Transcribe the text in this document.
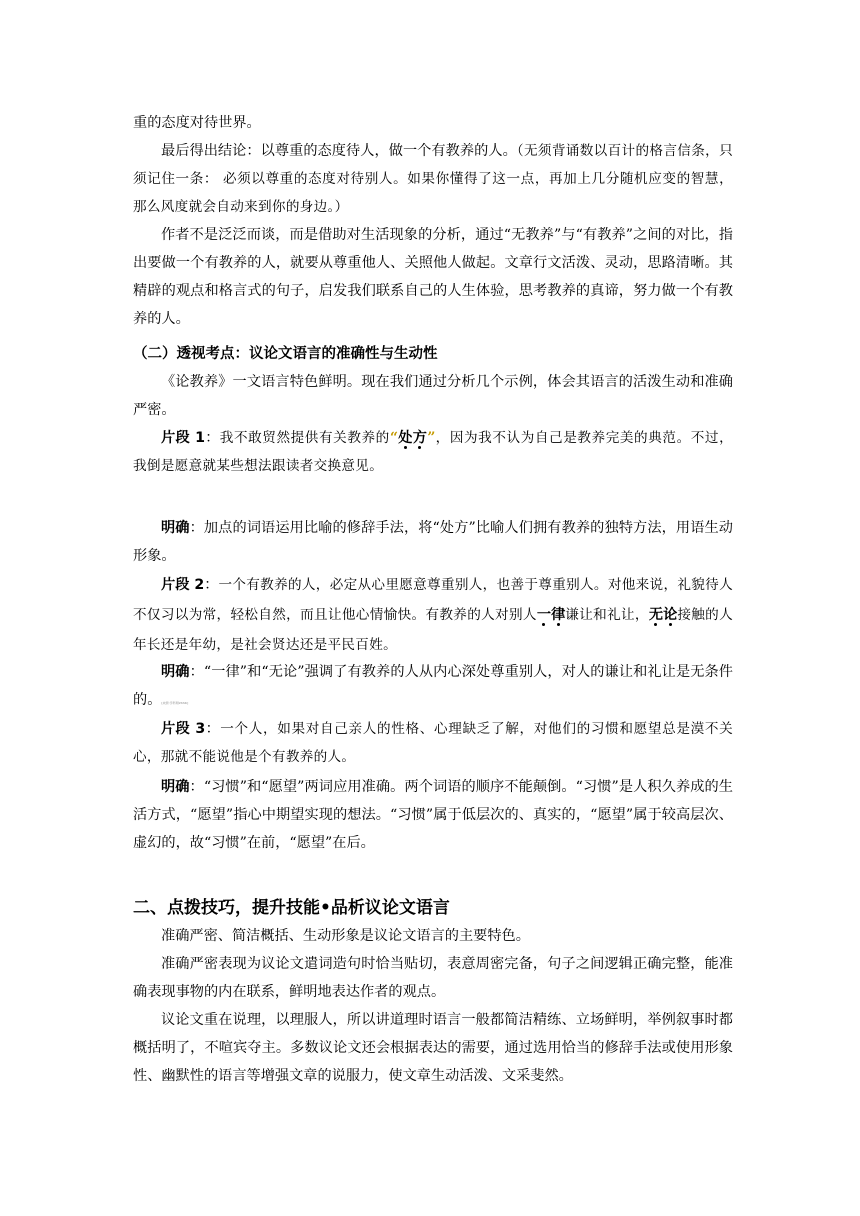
重的态度对待世界。

最后得出结论：以尊重的态度待人，做一个有教养的人。（无须背诵数以百计的格言信条，只须记住一条： 必须以尊重的态度对待别人。如果你懂得了这一点，再加上几分随机应变的智慧，那么风度就会自动来到你的身边。）

作者不是泛泛而谈，而是借助对生活现象的分析，通过“无教养”与“有教养”之间的对比，指出要做一个有教养的人，就要从尊重他人、关照他人做起。文章行文活泼、灵动，思路清晰。其精辟的观点和格言式的句子，启发我们联系自己的人生体验，思考教养的真谛，努力做一个有教养的人。

（二）透视考点：议论文语言的准确性与生动性

《论教养》一文语言特色鲜明。现在我们通过分析几个示例，体会其语言的活泼生动和准确严密。

片段 1：我不敢贸然提供有关教养的“处方”，因为我不认为自己是教养完美的典范。不过，我倒是愿意就某些想法跟读者交换意见。

明确：加点的词语运用比喻的修辞手法，将“处方”比喻人们拥有教养的独特方法，用语生动形象。

片段 2：一个有教养的人，必定从心里愿意尊重别人，也善于尊重别人。对他来说，礼貌待人不仅习以为常，轻松自然，而且让他心情愉快。有教养的人对别人一律谦让和礼让，无论接触的人年长还是年幼，是社会贤达还是平民百姓。

明确：“一律”和“无论”强调了有教养的人从内心深处尊重别人，对人的谦让和礼让是无条件的。[来源:学科网ZXXK]

片段 3：一个人，如果对自己亲人的性格、心理缺乏了解，对他们的习惯和愿望总是漠不关心，那就不能说他是个有教养的人。

明确：“习惯”和“愿望”两词应用准确。两个词语的顺序不能颠倒。“习惯”是人积久养成的生活方式，“愿望”指心中期望实现的想法。“习惯”属于低层次的、真实的，“愿望”属于较高层次、虚幻的，故“习惯”在前，“愿望”在后。

二、点拨技巧，提升技能•品析议论文语言

准确严密、简洁概括、生动形象是议论文语言的主要特色。

准确严密表现为议论文遣词造句时恰当贴切，表意周密完备，句子之间逻辑正确完整，能准确表现事物的内在联系，鲜明地表达作者的观点。

议论文重在说理，以理服人，所以讲道理时语言一般都简洁精练、立场鲜明，举例叙事时都概括明了，不喧宾夺主。多数议论文还会根据表达的需要，通过选用恰当的修辞手法或使用形象性、幽默性的语言等增强文章的说服力，使文章生动活泼、文采斐然。
